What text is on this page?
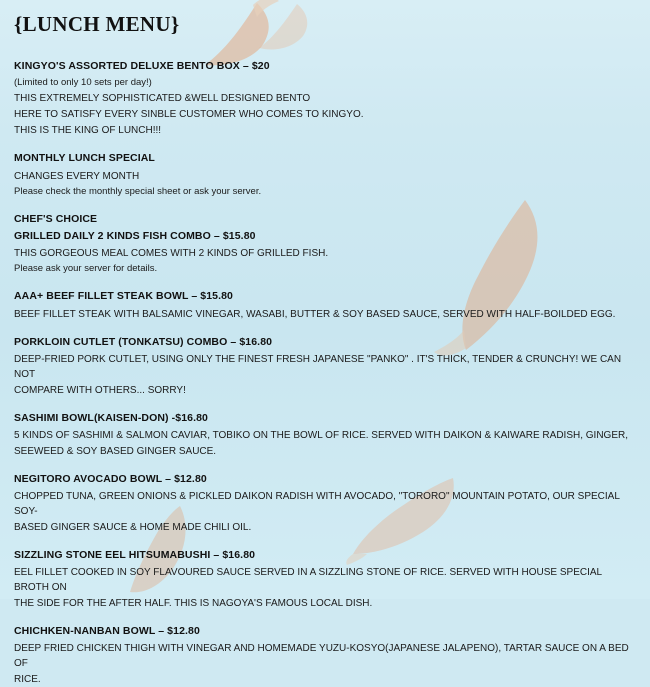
{LUNCH MENU}
KINGYO'S ASSORTED DELUXE BENTO BOX – $20
(Limited to only 10 sets per day!)
THIS EXTREMELY SOPHISTICATED &WELL DESIGNED BENTO
HERE TO SATISFY EVERY SINBLE CUSTOMER WHO COMES TO KINGYO.
THIS IS THE KING OF LUNCH!!!
MONTHLY LUNCH SPECIAL
CHANGES EVERY MONTH
Please check the monthly special sheet or ask your server.
CHEF'S CHOICE
GRILLED DAILY 2 KINDS FISH COMBO – $15.80
THIS GORGEOUS MEAL COMES WITH 2 KINDS OF GRILLED FISH.
Please ask your server for details.
AAA+ BEEF FILLET STEAK BOWL – $15.80
BEEF FILLET STEAK WITH BALSAMIC VINEGAR, WASABI, BUTTER & SOY BASED SAUCE, SERVED WITH HALF-BOILDED EGG.
PORKLOIN CUTLET (TONKATSU) COMBO – $16.80
DEEP-FRIED PORK CUTLET, USING ONLY THE FINEST FRESH JAPANESE "PANKO" . IT'S THICK, TENDER & CRUNCHY! WE CAN NOT
COMPARE WITH OTHERS... SORRY!
SASHIMI BOWL(KAISEN-DON) -$16.80
5 KINDS OF SASHIMI & SALMON CAVIAR, TOBIKO ON THE BOWL OF RICE. SERVED WITH DAIKON & KAIWARE RADISH, GINGER,
SEEWEED & SOY BASED GINGER SAUCE.
NEGITORO AVOCADO BOWL – $12.80
CHOPPED TUNA, GREEN ONIONS & PICKLED DAIKON RADISH WITH AVOCADO, "TORORO" MOUNTAIN POTATO, OUR SPECIAL SOY-
BASED GINGER SAUCE & HOME MADE CHILI OIL.
SIZZLING STONE EEL HITSUMABUSHI – $16.80
EEL FILLET COOKED IN SOY FLAVOURED SAUCE SERVED IN A SIZZLING STONE OF RICE. SERVED WITH HOUSE SPECIAL BROTH ON
THE SIDE FOR THE AFTER HALF. THIS IS NAGOYA'S FAMOUS LOCAL DISH.
CHICHKEN-NANBAN BOWL – $12.80
DEEP FRIED CHICKEN THIGH WITH VINEGAR AND HOMEMADE YUZU-KOSYO(JAPANESE JALAPENO), TARTAR SAUCE ON A BED OF
RICE.
